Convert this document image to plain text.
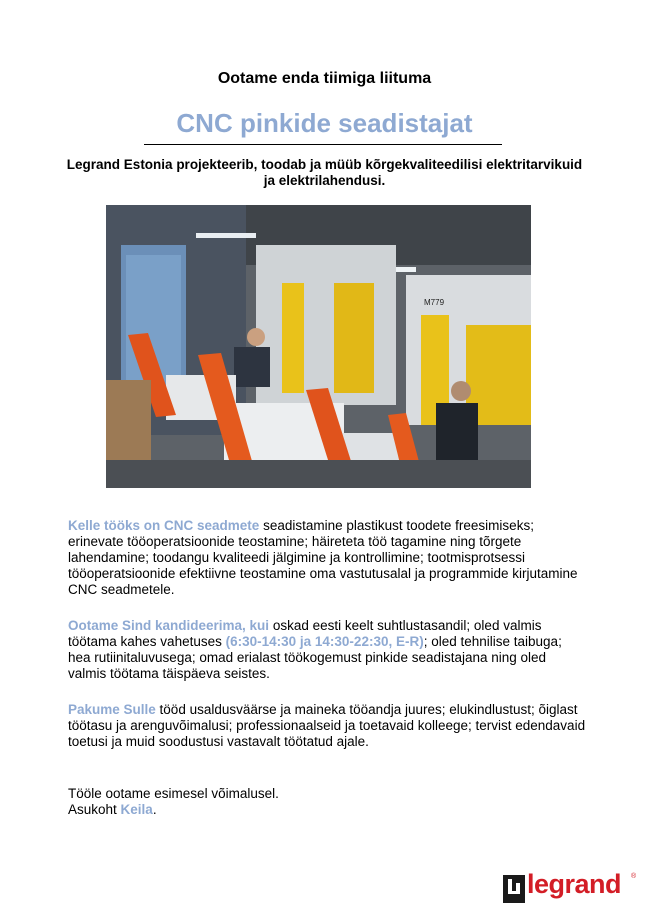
Ootame enda tiimiga liituma
CNC pinkide seadistajat
Legrand Estonia projekteerib, toodab ja müüb kõrgekvaliteedilisi elektritarvikuid ja elektrilahendusi.
M779
Kelle tööks on CNC seadmete seadistamine plastikust toodete freesimiseks; erinevate tööoperatsioonide teostamine; häireteta töö tagamine ning tõrgete lahendamine; toodangu kvaliteedi jälgimine ja kontrollimine; tootmisprotsessi tööoperatsioonide efektiivne teostamine oma vastutusalal ja programmide kirjutamine CNC seadmetele.
Ootame Sind kandideerima, kui oskad eesti keelt suhtlustasandil; oled valmis töötama kahes vahetuses (6:30-14:30 ja 14:30-22:30, E-R); oled tehnilise taibuga; hea rutiinitaluvusega; omad erialast töökogemust pinkide seadistajana ning oled valmis töötama täispäeva seistes.
Pakume Sulle tööd usaldusväärse ja maineka tööandja juures; elukindlustust; õiglast töötasu ja arenguvõimalusi; professionaalseid ja toetavaid kolleege; tervist edendavaid toetusi ja muid soodustusi vastavalt töötatud ajale.
Tööle ootame esimesel võimalusel.
Asukoht Keila.
legrand ®
